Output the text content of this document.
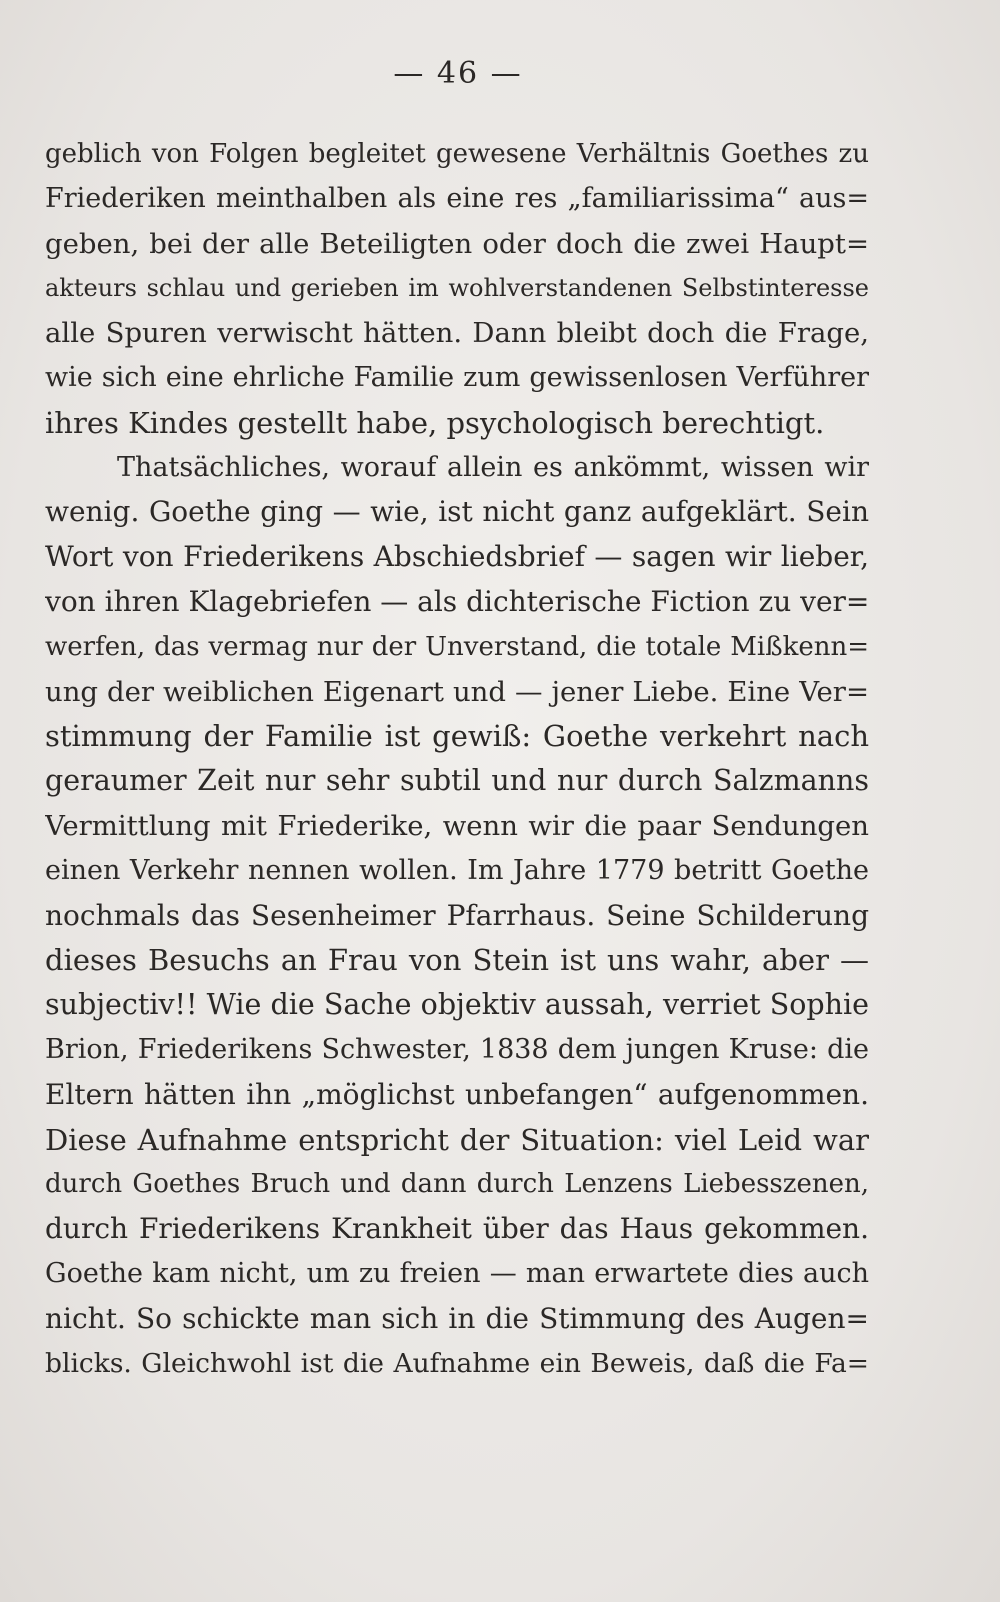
— 46 —
geblich von Folgen begleitet gewesene Verhältnis Goethes zu
Friederiken meinthalben als eine res „familiarissima“ aus=
geben, bei der alle Beteiligten oder doch die zwei Haupt=
akteurs schlau und gerieben im wohlverstandenen Selbstinteresse
alle Spuren verwischt hätten. Dann bleibt doch die Frage,
wie sich eine ehrliche Familie zum gewissenlosen Verführer
ihres Kindes gestellt habe, psychologisch berechtigt.
Thatsächliches, worauf allein es ankömmt, wissen wir
wenig. Goethe ging — wie, ist nicht ganz aufgeklärt. Sein
Wort von Friederikens Abschiedsbrief — sagen wir lieber,
von ihren Klagebriefen — als dichterische Fiction zu ver=
werfen, das vermag nur der Unverstand, die totale Mißkenn=
ung der weiblichen Eigenart und — jener Liebe. Eine Ver=
stimmung der Familie ist gewiß: Goethe verkehrt nach
geraumer Zeit nur sehr subtil und nur durch Salzmanns
Vermittlung mit Friederike, wenn wir die paar Sendungen
einen Verkehr nennen wollen. Im Jahre 1779 betritt Goethe
nochmals das Sesenheimer Pfarrhaus. Seine Schilderung
dieses Besuchs an Frau von Stein ist uns wahr, aber —
subjectiv!! Wie die Sache objektiv aussah, verriet Sophie
Brion, Friederikens Schwester, 1838 dem jungen Kruse: die
Eltern hätten ihn „möglichst unbefangen“ aufgenommen.
Diese Aufnahme entspricht der Situation: viel Leid war
durch Goethes Bruch und dann durch Lenzens Liebesszenen,
durch Friederikens Krankheit über das Haus gekommen.
Goethe kam nicht, um zu freien — man erwartete dies auch
nicht. So schickte man sich in die Stimmung des Augen=
blicks. Gleichwohl ist die Aufnahme ein Beweis, daß die Fa=
